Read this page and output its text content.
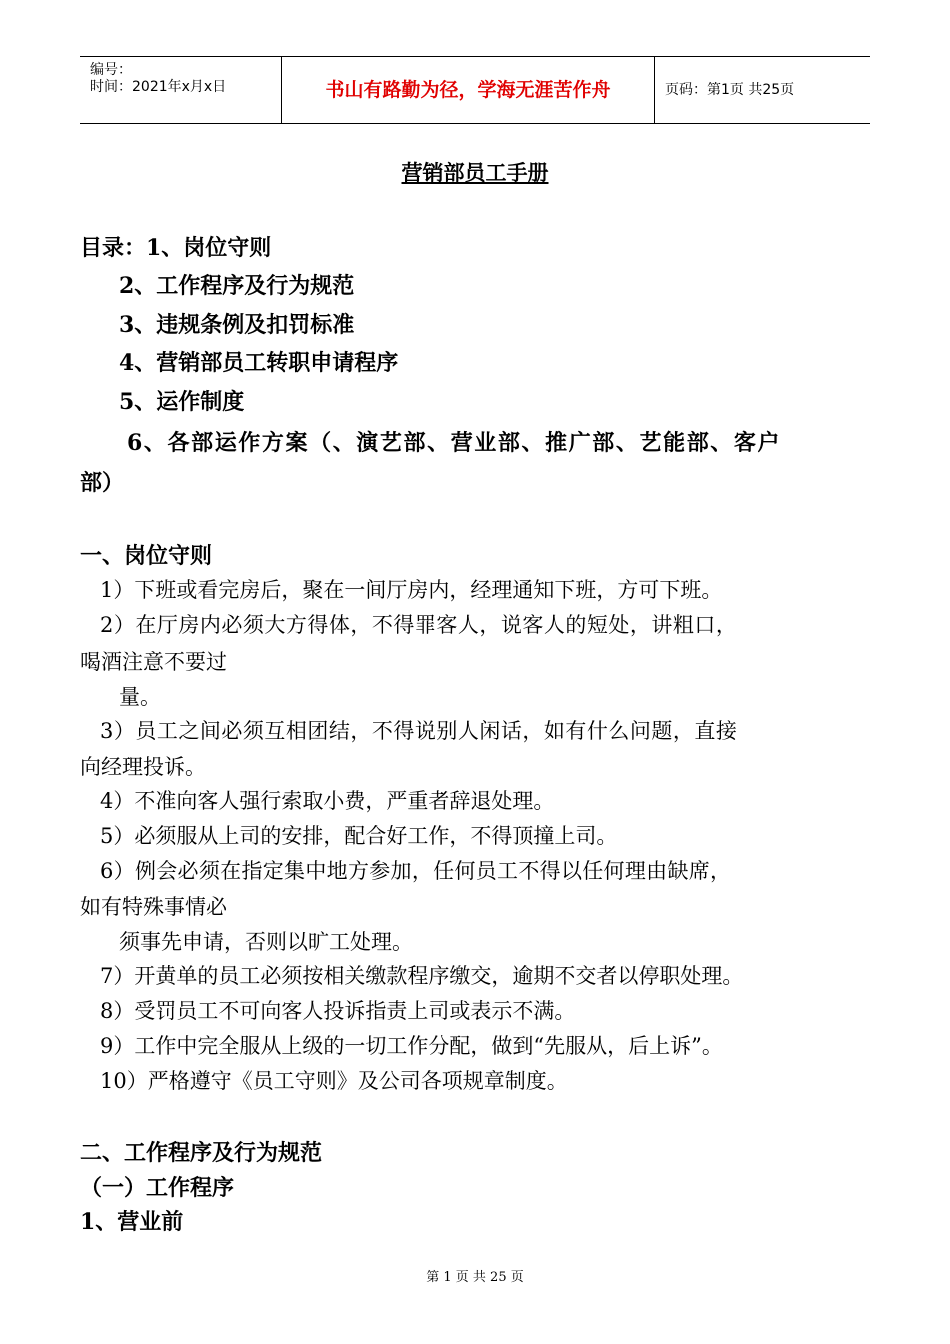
编号：
时间：2021年x月x日	书山有路勤为径，学海无涯苦作舟	页码：第1页 共25页
营销部员工手册
目录：1、岗位守则
2、工作程序及行为规范
3、违规条例及扣罚标准
4、营销部员工转职申请程序
5、运作制度
6、各部运作方案（、演艺部、营业部、推广部、艺能部、客户
部）
一、岗位守则
1）下班或看完房后，聚在一间厅房内，经理通知下班，方可下班。
2）在厅房内必须大方得体，不得罪客人，说客人的短处，讲粗口，
喝酒注意不要过
量。
3）员工之间必须互相团结，不得说别人闲话，如有什么问题，直接
向经理投诉。
4）不准向客人强行索取小费，严重者辞退处理。
5）必须服从上司的安排，配合好工作，不得顶撞上司。
6）例会必须在指定集中地方参加，任何员工不得以任何理由缺席，
如有特殊事情必
须事先申请，否则以旷工处理。
7）开黄单的员工必须按相关缴款程序缴交，逾期不交者以停职处理。
8）受罚员工不可向客人投诉指责上司或表示不满。
9）工作中完全服从上级的一切工作分配，做到“先服从，后上诉”。
10）严格遵守《员工守则》及公司各项规章制度。
二、工作程序及行为规范
（一）工作程序
1、营业前
第 1 页 共 25 页
